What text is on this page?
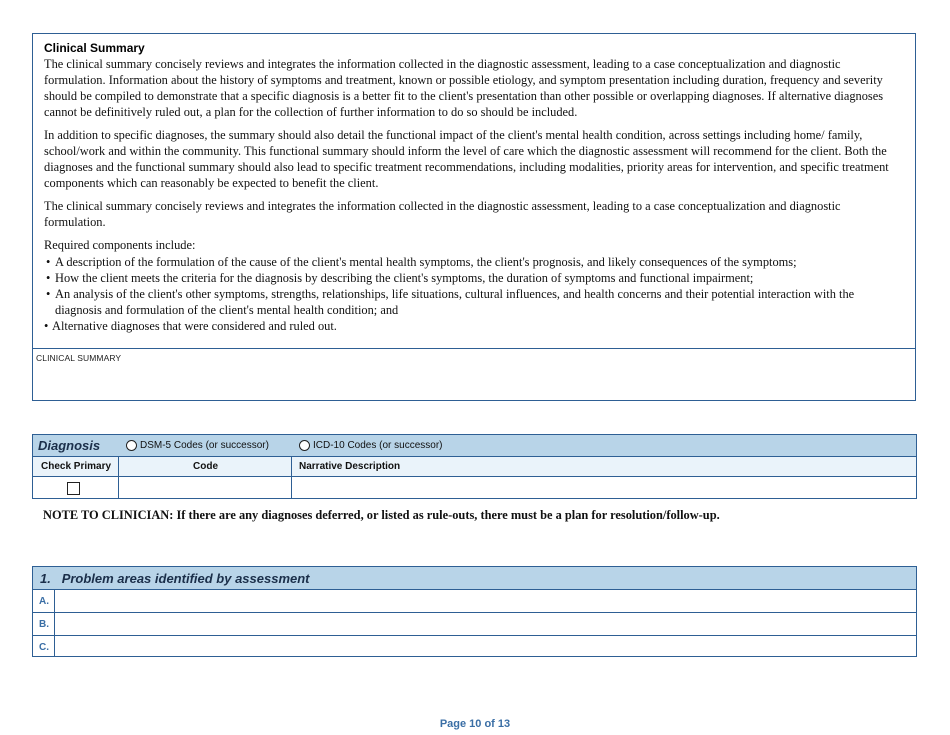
Clinical Summary

The clinical summary concisely reviews and integrates the information collected in the diagnostic assessment, leading to a case conceptualization and diagnostic formulation. Information about the history of symptoms and treatment, known or possible etiology, and symptom presentation including duration, frequency and severity should be compiled to demonstrate that a specific diagnosis is a better fit to the client's presentation than other possible or overlapping diagnoses. If alternative diagnoses cannot be definitively ruled out, a plan for the collection of further information to do so should be included.

In addition to specific diagnoses, the summary should also detail the functional impact of the client's mental health condition, across settings including home/ family, school/work and within the community. This functional summary should inform the level of care which the diagnostic assessment will recommend for the client. Both the diagnoses and the functional summary should also lead to specific treatment recommendations, including modalities, priority areas for intervention, and specific treatment components which can reasonably be expected to benefit the client.

The clinical summary concisely reviews and integrates the information collected in the diagnostic assessment, leading to a case conceptualization and diagnostic formulation.

Required components include:

• A description of the formulation of the cause of the client's mental health symptoms, the client's prognosis, and likely consequences of the symptoms;
• How the client meets the criteria for the diagnosis by describing the client's symptoms, the duration of symptoms and functional impairment;
• An analysis of the client's other symptoms, strengths, relationships, life situations, cultural influences, and health concerns and their potential interaction with the diagnosis and formulation of the client's mental health condition; and
• Alternative diagnoses that were considered and ruled out.
CLINICAL SUMMARY
Diagnosis	DSM-5 Codes (or successor)	ICD-10 Codes (or successor)
Check Primary	Code	Narrative Description
NOTE TO CLINICIAN: If there are any diagnoses deferred, or listed as rule-outs, there must be a plan for resolution/follow-up.
1. Problem areas identified by assessment
A.
B.
C.
Page 10 of 13
